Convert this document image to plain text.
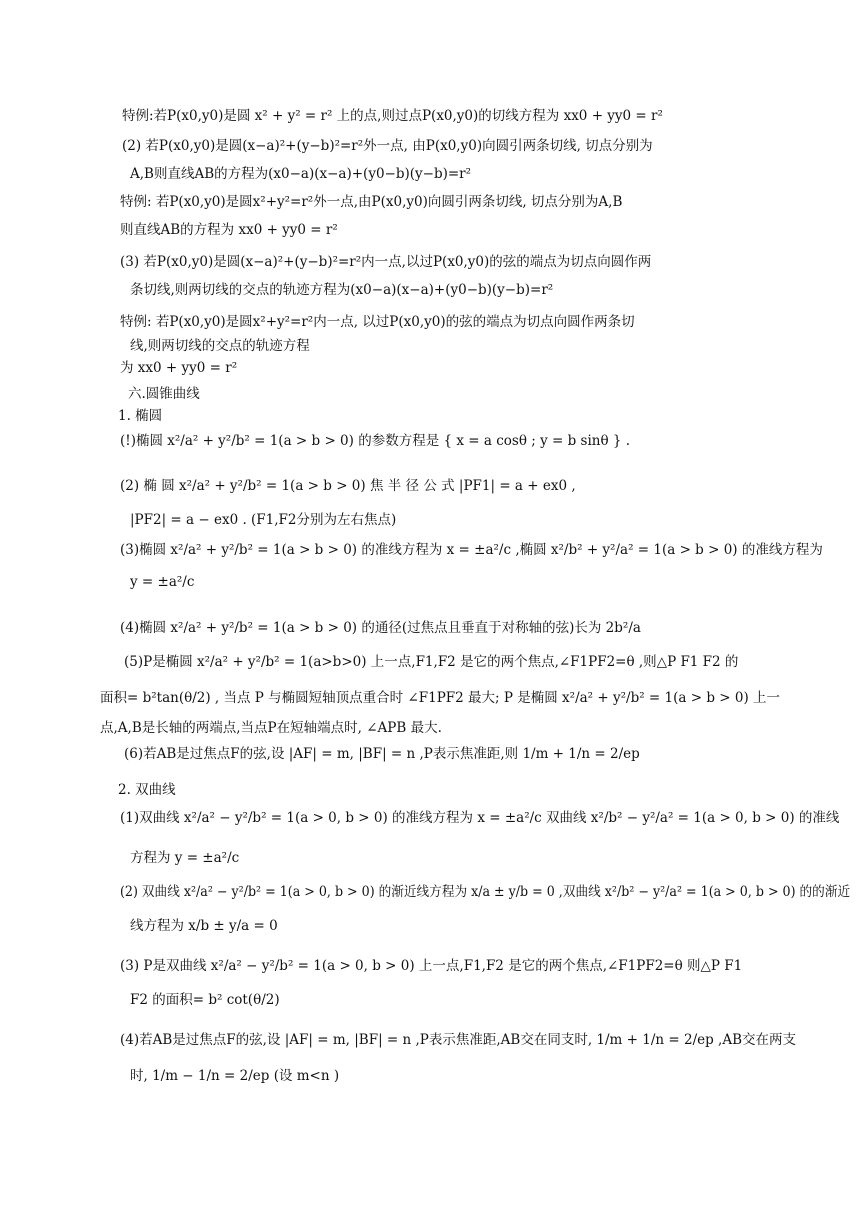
特例:若P(x0,y0)是圆 x² + y² = r² 上的点,则过点P(x0,y0)的切线方程为 xx0 + yy0 = r²
(2) 若P(x0,y0)是圆(x−a)²+(y−b)²=r²外一点, 由P(x0,y0)向圆引两条切线, 切点分别为
A,B则直线AB的方程为(x0−a)(x−a)+(y0−b)(y−b)=r²
特例: 若P(x0,y0)是圆x²+y²=r²外一点,由P(x0,y0)向圆引两条切线, 切点分别为A,B
则直线AB的方程为 xx0 + yy0 = r²
(3) 若P(x0,y0)是圆(x−a)²+(y−b)²=r²内一点,以过P(x0,y0)的弦的端点为切点向圆作两
条切线,则两切线的交点的轨迹方程为(x0−a)(x−a)+(y0−b)(y−b)=r²
特例: 若P(x0,y0)是圆x²+y²=r²内一点, 以过P(x0,y0)的弦的端点为切点向圆作两条切
线,则两切线的交点的轨迹方程
为 xx0 + yy0 = r²
六.圆锥曲线
1. 椭圆
(!)椭圆 x²/a² + y²/b² = 1(a > b > 0) 的参数方程是 { x = a cosθ ; y = b sinθ } .
(2) 椭 圆 x²/a² + y²/b² = 1(a > b > 0) 焦 半 径 公 式 |PF1| = a + ex0 ,
|PF2| = a − ex0 . (F1,F2分别为左右焦点)
(3)椭圆 x²/a² + y²/b² = 1(a > b > 0) 的准线方程为 x = ±a²/c ,椭圆 x²/b² + y²/a² = 1(a > b > 0) 的准线方程为
y = ±a²/c
(4)椭圆 x²/a² + y²/b² = 1(a > b > 0) 的通径(过焦点且垂直于对称轴的弦)长为 2b²/a
(5)P是椭圆 x²/a² + y²/b² = 1(a>b>0) 上一点,F1,F2 是它的两个焦点,∠F1PF2=θ ,则△P F1 F2 的
面积= b²tan(θ/2) , 当点 P 与椭圆短轴顶点重合时 ∠F1PF2 最大; P 是椭圆 x²/a² + y²/b² = 1(a > b > 0) 上一
点,A,B是长轴的两端点,当点P在短轴端点时, ∠APB 最大.
(6)若AB是过焦点F的弦,设 |AF| = m, |BF| = n ,P表示焦准距,则 1/m + 1/n = 2/ep
2. 双曲线
(1)双曲线 x²/a² − y²/b² = 1(a > 0, b > 0) 的准线方程为 x = ±a²/c 双曲线 x²/b² − y²/a² = 1(a > 0, b > 0) 的准线
方程为 y = ±a²/c
(2) 双曲线 x²/a² − y²/b² = 1(a > 0, b > 0) 的渐近线方程为 x/a ± y/b = 0 ,双曲线 x²/b² − y²/a² = 1(a > 0, b > 0) 的的渐近
线方程为 x/b ± y/a = 0
(3) P是双曲线 x²/a² − y²/b² = 1(a > 0, b > 0) 上一点,F1,F2 是它的两个焦点,∠F1PF2=θ 则△P F1
F2 的面积= b² cot(θ/2)
(4)若AB是过焦点F的弦,设 |AF| = m, |BF| = n ,P表示焦准距,AB交在同支时, 1/m + 1/n = 2/ep ,AB交在两支
时, 1/m − 1/n = 2/ep (设 m<n )
